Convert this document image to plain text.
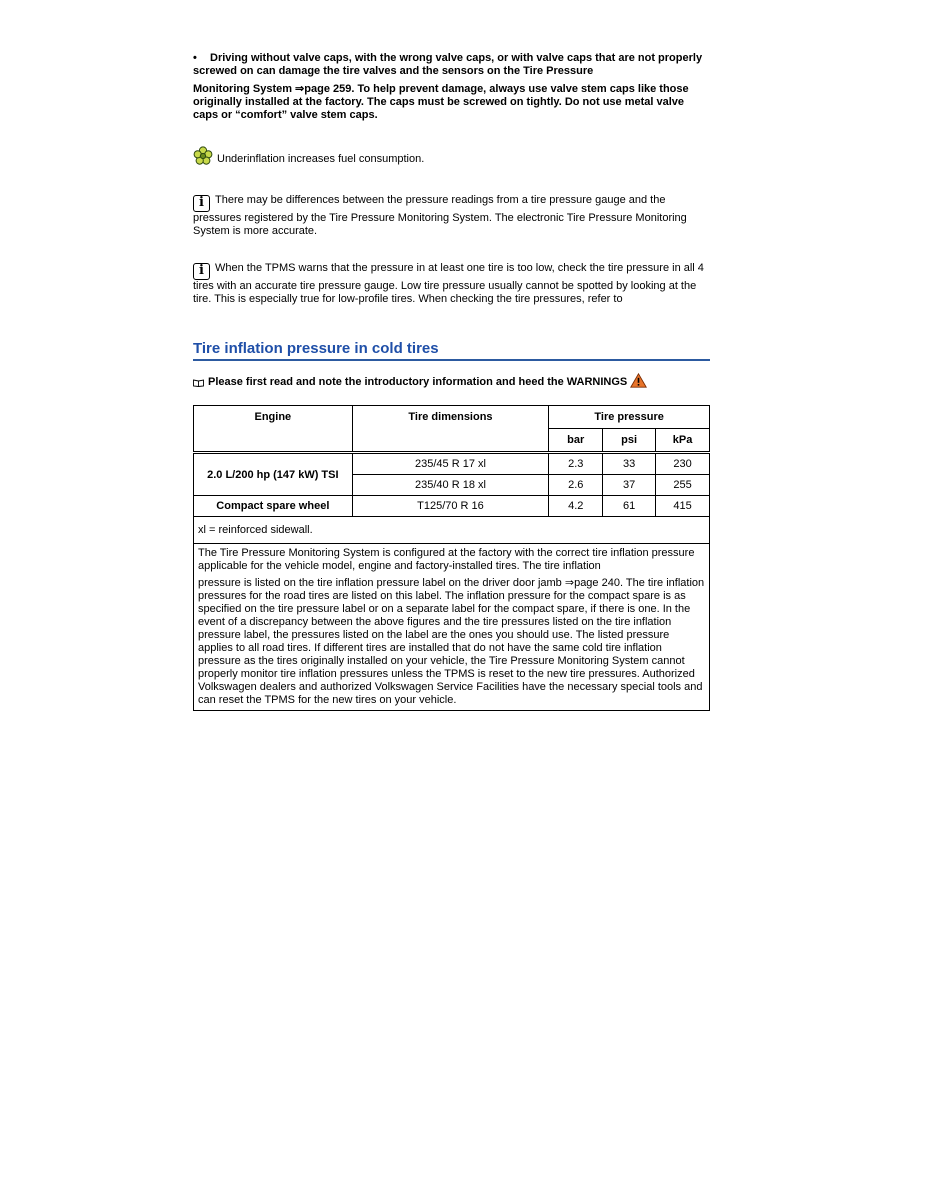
• Driving without valve caps, with the wrong valve caps, or with valve caps that are not properly screwed on can damage the tire valves and the sensors on the Tire Pressure
Monitoring System ⇒page 259. To help prevent damage, always use valve stem caps like those originally installed at the factory. The caps must be screwed on tightly. Do not use metal valve caps or “comfort” valve stem caps.
Underinflation increases fuel consumption.
i There may be differences between the pressure readings from a tire pressure gauge and the pressures registered by the Tire Pressure Monitoring System. The electronic Tire Pressure Monitoring System is more accurate.
i When the TPMS warns that the pressure in at least one tire is too low, check the tire pressure in all 4 tires with an accurate tire pressure gauge. Low tire pressure usually cannot be spotted by looking at the tire. This is especially true for low-profile tires. When checking the tire pressures, refer to
Tire inflation pressure in cold tires
Please first read and note the introductory information and heed the WARNINGS
Engine	Tire dimensions	Tire pressure		
		bar	psi	kPa
2.0 L/200 hp (147 kW) TSI	235/45 R 17 xl	2.3	33	230
	235/40 R 18 xl	2.6	37	255
Compact spare wheel	T125/70 R 16	4.2	61	415
xl = reinforced sidewall.				
The Tire Pressure Monitoring System is configured at the factory with the correct tire inflation pressure applicable for the vehicle model, engine and factory-installed tires. The tire inflation
pressure is listed on the tire inflation pressure label on the driver door jamb ⇒page 240. The tire inflation pressures for the road tires are listed on this label. The inflation pressure for the compact spare is as specified on the tire pressure label or on a separate label for the compact spare, if there is one. In the event of a discrepancy between the above figures and the tire pressures listed on the tire inflation pressure label, the pressures listed on the label are the ones you should use. The listed pressure applies to all road tires. If different tires are installed that do not have the same cold tire inflation pressure as the tires originally installed on your vehicle, the Tire Pressure Monitoring System cannot properly monitor tire inflation pressures unless the TPMS is reset to the new tire pressures. Authorized Volkswagen dealers and authorized Volkswagen Service Facilities have the necessary special tools and can reset the TPMS for the new tires on your vehicle.				
